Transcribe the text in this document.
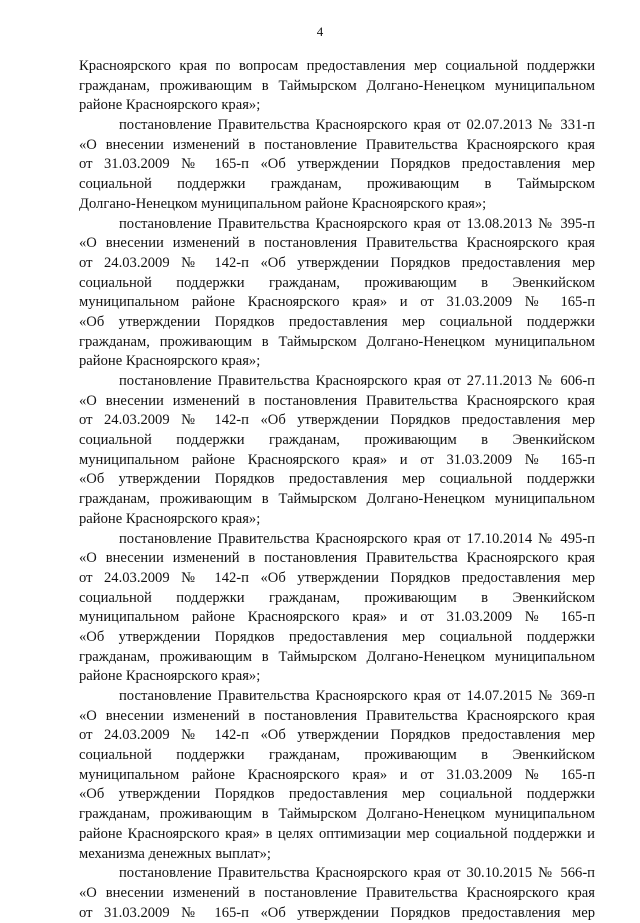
4
Красноярского края по вопросам предоставления мер социальной поддержки
гражданам, проживающим в Таймырском Долгано-Ненецком муниципальном
районе Красноярского края»;
постановление Правительства Красноярского края от 02.07.2013 № 331-п
«О внесении изменений в постановление Правительства Красноярского края
от 31.03.2009 № 165-п «Об утверждении Порядков предоставления мер
социальной поддержки гражданам, проживающим в Таймырском
Долгано-Ненецком муниципальном районе Красноярского края»;
постановление Правительства Красноярского края от 13.08.2013 № 395-п
«О внесении изменений в постановления Правительства Красноярского края
от 24.03.2009 № 142-п «Об утверждении Порядков предоставления мер
социальной поддержки гражданам, проживающим в Эвенкийском
муниципальном районе Красноярского края» и от 31.03.2009 № 165-п
«Об утверждении Порядков предоставления мер социальной поддержки
гражданам, проживающим в Таймырском Долгано-Ненецком муниципальном
районе Красноярского края»;
постановление Правительства Красноярского края от 27.11.2013 № 606-п
«О внесении изменений в постановления Правительства Красноярского края
от 24.03.2009 № 142-п «Об утверждении Порядков предоставления мер
социальной поддержки гражданам, проживающим в Эвенкийском
муниципальном районе Красноярского края» и от 31.03.2009 № 165-п
«Об утверждении Порядков предоставления мер социальной поддержки
гражданам, проживающим в Таймырском Долгано-Ненецком муниципальном
районе Красноярского края»;
постановление Правительства Красноярского края от 17.10.2014 № 495-п
«О внесении изменений в постановления Правительства Красноярского края
от 24.03.2009 № 142-п «Об утверждении Порядков предоставления мер
социальной поддержки гражданам, проживающим в Эвенкийском
муниципальном районе Красноярского края» и от 31.03.2009 № 165-п
«Об утверждении Порядков предоставления мер социальной поддержки
гражданам, проживающим в Таймырском Долгано-Ненецком муниципальном
районе Красноярского края»;
постановление Правительства Красноярского края от 14.07.2015 № 369-п
«О внесении изменений в постановления Правительства Красноярского края
от 24.03.2009 № 142-п «Об утверждении Порядков предоставления мер
социальной поддержки гражданам, проживающим в Эвенкийском
муниципальном районе Красноярского края» и от 31.03.2009 № 165-п
«Об утверждении Порядков предоставления мер социальной поддержки
гражданам, проживающим в Таймырском Долгано-Ненецком муниципальном
районе Красноярского края» в целях оптимизации мер социальной поддержки и
механизма денежных выплат»;
постановление Правительства Красноярского края от 30.10.2015 № 566-п
«О внесении изменений в постановление Правительства Красноярского края
от 31.03.2009 № 165-п «Об утверждении Порядков предоставления мер
